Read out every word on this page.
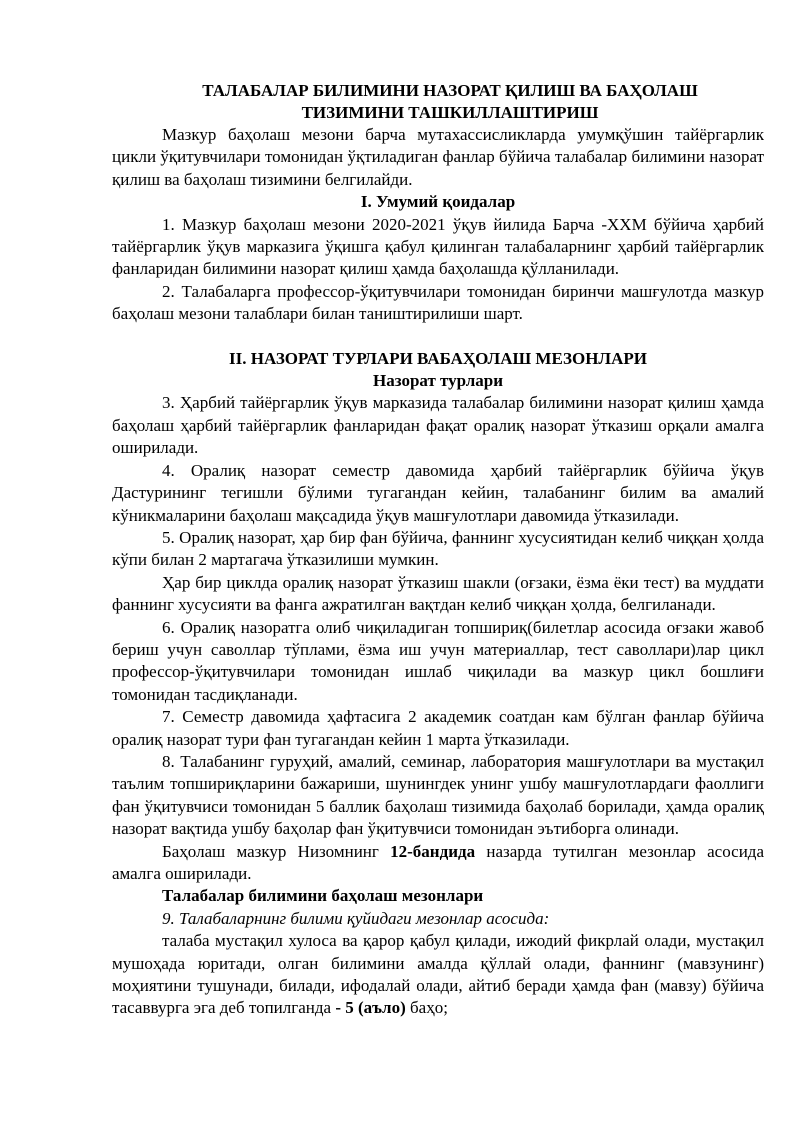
ТАЛАБАЛАР БИЛИМИНИ НАЗОРАТ ҚИЛИШ ВА БАҲОЛАШ
ТИЗИМИНИ ТАШКИЛЛАШТИРИШ

Мазкур баҳолаш мезони барча мутахассисликларда умумқўшин тайёргарлик цикли ўқитувчилари томонидан ўқтиладиган фанлар бўйича талабалар билимини назорат қилиш ва баҳолаш тизимини белгилайди.

I. Умумий қоидалар

1. Мазкур баҳолаш мезони 2020-2021 ўқув йилида Барча -ХХМ бўйича ҳарбий тайёргарлик ўқув марказига ўқишга қабул қилинган талабаларнинг ҳарбий тайёргарлик фанларидан билимини назорат қилиш ҳамда баҳолашда қўлланилади.

2. Талабаларга профессор-ўқитувчилари томонидан биринчи машғулотда мазкур баҳолаш мезони талаблари билан таништирилиши шарт.

II. НАЗОРАТ ТУРЛАРИ ВАБАҲОЛАШ МЕЗОНЛАРИ
Назорат турлари

3. Ҳарбий тайёргарлик ўқув марказида талабалар билимини назорат қилиш ҳамда баҳолаш ҳарбий тайёргарлик фанларидан фақат оралиқ назорат ўтказиш орқали амалга оширилади.

4. Оралиқ назорат семестр давомида ҳарбий тайёргарлик бўйича ўқув Дастурининг тегишли бўлими тугагандан кейин, талабанинг билим ва амалий кўникмаларини баҳолаш мақсадида ўқув машғулотлари давомида ўтказилади.

5. Оралиқ назорат, ҳар бир фан бўйича, фаннинг хусусиятидан келиб чиққан ҳолда кўпи билан 2 мартагача ўтказилиши мумкин.

Ҳар бир циклда оралиқ назорат ўтказиш шакли (оғзаки, ёзма ёки тест) ва муддати фаннинг хусусияти ва фанга ажратилган вақтдан келиб чиққан ҳолда, белгиланади.

6. Оралиқ назоратга олиб чиқиладиган топшириқ(билетлар асосида оғзаки жавоб бериш учун саволлар тўплами, ёзма иш учун материаллар, тест саволлари)лар цикл профессор-ўқитувчилари томонидан ишлаб чиқилади ва мазкур цикл бошлиғи томонидан тасдиқланади.

7. Семестр давомида ҳафтасига 2 академик соатдан кам бўлган фанлар бўйича оралиқ назорат тури фан тугагандан кейин 1 марта ўтказилади.

8. Талабанинг гуруҳий, амалий, семинар, лаборатория машғулотлари ва мустақил таълим топшириқларини бажариши, шунингдек унинг ушбу машғулотлардаги фаоллиги фан ўқитувчиси томонидан 5 баллик баҳолаш тизимида баҳолаб борилади, ҳамда оралиқ назорат вақтида ушбу баҳолар фан ўқитувчиси томонидан эътиборга олинади.

Баҳолаш мазкур Низомнинг 12-бандида назарда тутилган мезонлар асосида амалга оширилади.

Талабалар билимини баҳолаш мезонлари

9. Талабаларнинг билими қуйидаги мезонлар асосида:

талаба мустақил хулоса ва қарор қабул қилади, ижодий фикрлай олади, мустақил мушоҳада юритади, олган билимини амалда қўллай олади, фаннинг (мавзунинг) моҳиятини тушунади, билади, ифодалай олади, айтиб беради ҳамда фан (мавзу) бўйича тасаввурга эга деб топилганда - 5 (аъло) баҳо;
